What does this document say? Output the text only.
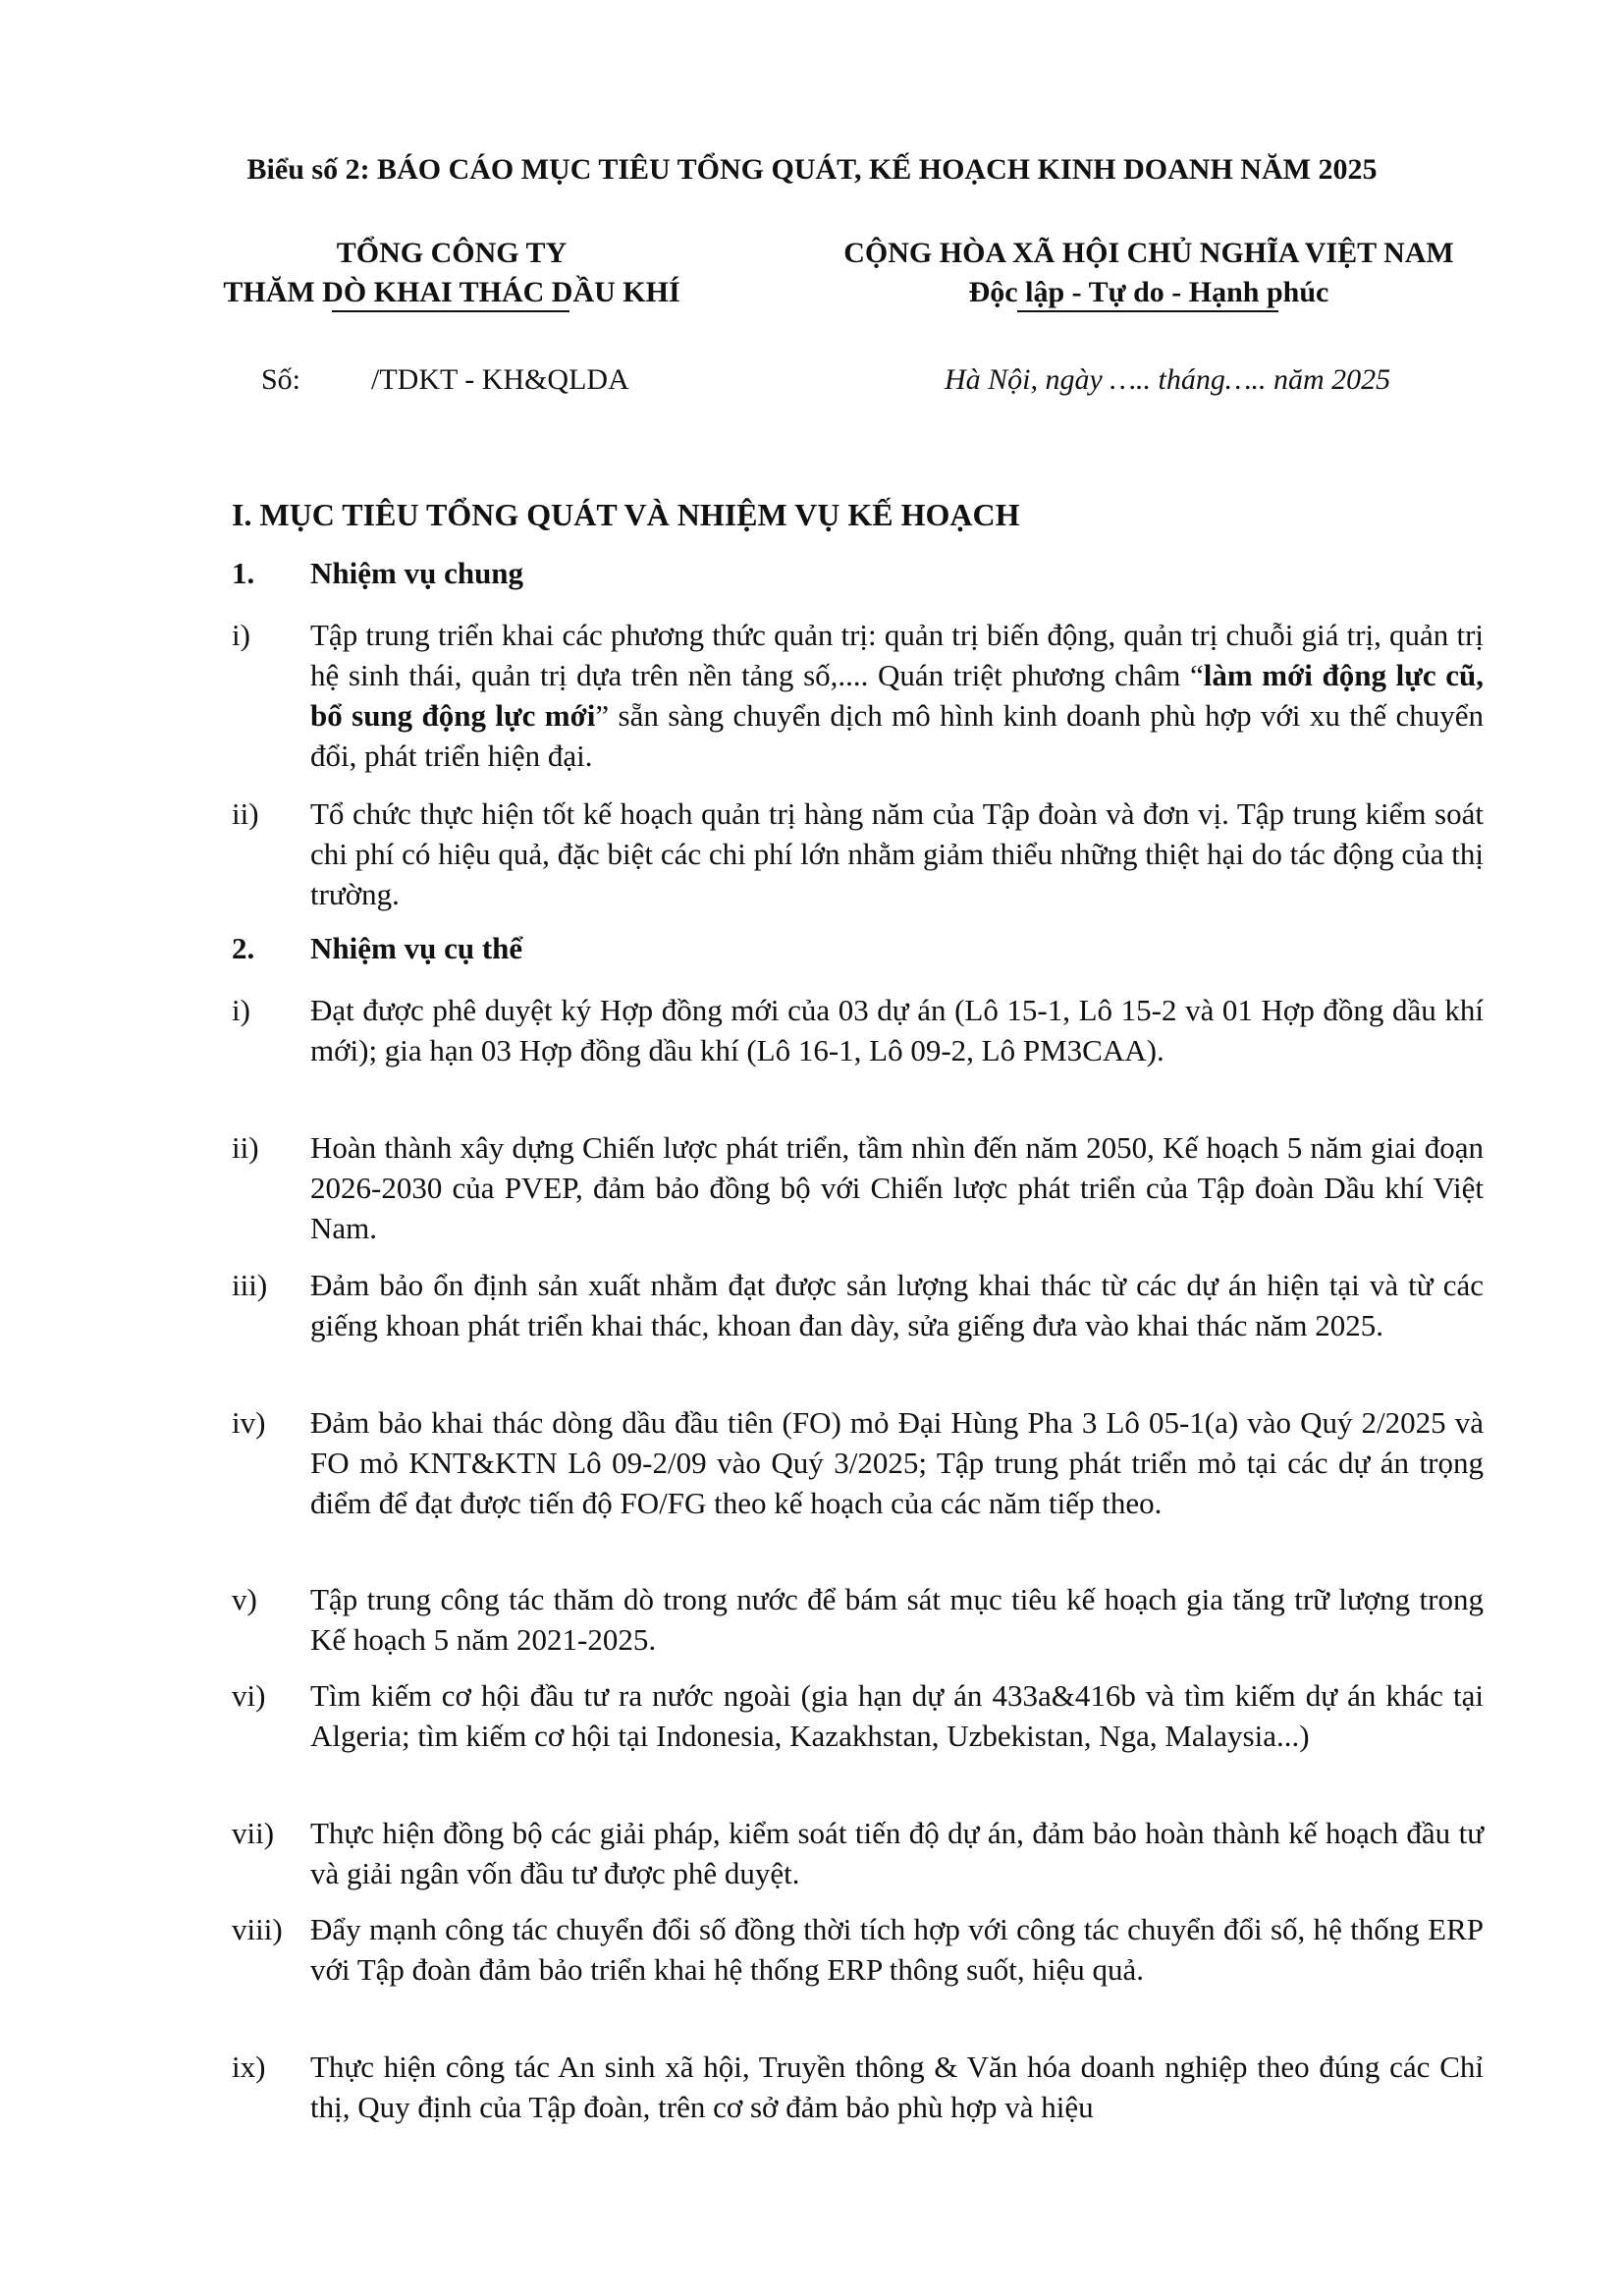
Biểu số 2: BÁO CÁO MỤC TIÊU TỔNG QUÁT, KẾ HOẠCH KINH DOANH NĂM 2025
TỔNG CÔNG TY
THĂM DÒ KHAI THÁC DẦU KHÍ
CỘNG HÒA XÃ HỘI CHỦ NGHĨA VIỆT NAM
Độc lập - Tự do - Hạnh phúc
Số: /TDKT - KH&QLDA	Hà Nội, ngày ….. tháng….. năm 2025
I. MỤC TIÊU TỔNG QUÁT VÀ NHIỆM VỤ KẾ HOẠCH
1. Nhiệm vụ chung
i) Tập trung triển khai các phương thức quản trị: quản trị biến động, quản trị chuỗi giá trị, quản trị hệ sinh thái, quản trị dựa trên nền tảng số,.... Quán triệt phương châm “làm mới động lực cũ, bổ sung động lực mới” sẵn sàng chuyển dịch mô hình kinh doanh phù hợp với xu thế chuyển đổi, phát triển hiện đại.
ii) Tổ chức thực hiện tốt kế hoạch quản trị hàng năm của Tập đoàn và đơn vị. Tập trung kiểm soát chi phí có hiệu quả, đặc biệt các chi phí lớn nhằm giảm thiểu những thiệt hại do tác động của thị trường.
2. Nhiệm vụ cụ thể
i) Đạt được phê duyệt ký Hợp đồng mới của 03 dự án (Lô 15-1, Lô 15-2 và 01 Hợp đồng dầu khí mới); gia hạn 03 Hợp đồng dầu khí (Lô 16-1, Lô 09-2, Lô PM3CAA).
ii) Hoàn thành xây dựng Chiến lược phát triển, tầm nhìn đến năm 2050, Kế hoạch 5 năm giai đoạn 2026-2030 của PVEP, đảm bảo đồng bộ với Chiến lược phát triển của Tập đoàn Dầu khí Việt Nam.
iii) Đảm bảo ổn định sản xuất nhằm đạt được sản lượng khai thác từ các dự án hiện tại và từ các giếng khoan phát triển khai thác, khoan đan dày, sửa giếng đưa vào khai thác năm 2025.
iv) Đảm bảo khai thác dòng dầu đầu tiên (FO) mỏ Đại Hùng Pha 3 Lô 05-1(a) vào Quý 2/2025 và FO mỏ KNT&KTN Lô 09-2/09 vào Quý 3/2025; Tập trung phát triển mỏ tại các dự án trọng điểm để đạt được tiến độ FO/FG theo kế hoạch của các năm tiếp theo.
v) Tập trung công tác thăm dò trong nước để bám sát mục tiêu kế hoạch gia tăng trữ lượng trong Kế hoạch 5 năm 2021-2025.
vi) Tìm kiếm cơ hội đầu tư ra nước ngoài (gia hạn dự án 433a&416b và tìm kiếm dự án khác tại Algeria; tìm kiếm cơ hội tại Indonesia, Kazakhstan, Uzbekistan, Nga, Malaysia...)
vii) Thực hiện đồng bộ các giải pháp, kiểm soát tiến độ dự án, đảm bảo hoàn thành kế hoạch đầu tư và giải ngân vốn đầu tư được phê duyệt.
viii) Đẩy mạnh công tác chuyển đổi số đồng thời tích hợp với công tác chuyển đổi số, hệ thống ERP với Tập đoàn đảm bảo triển khai hệ thống ERP thông suốt, hiệu quả.
ix) Thực hiện công tác An sinh xã hội, Truyền thông & Văn hóa doanh nghiệp theo đúng các Chỉ thị, Quy định của Tập đoàn, trên cơ sở đảm bảo phù hợp và hiệu
